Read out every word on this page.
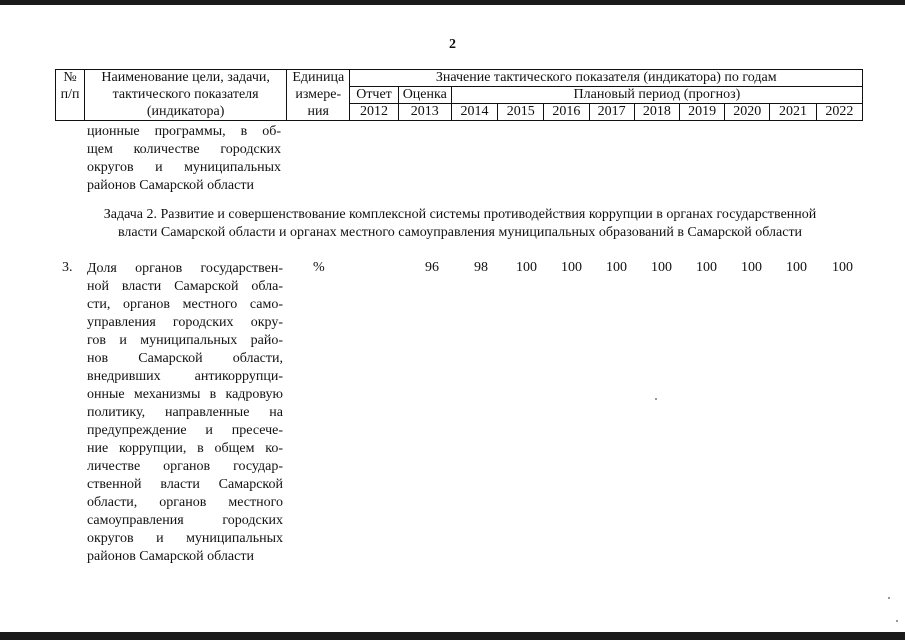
2
№	Наименование цели, задачи,	Единица	Значение тактического показателя (индикатора) по годам										
п/п	тактического показателя	измере-	Отчет	Оценка	Плановый период (прогноз)								
	(индикатора)	ния	2012	2013	2014	2015	2016	2017	2018	2019	2020	2021	2022
ционные программы, в об-
щем количестве городских
округов и муниципальных
районов Самарской области
Задача 2. Развитие и совершенствование комплексной системы противодействия коррупции в органах государственной
власти Самарской области и органах местного самоуправления муниципальных образований в Самарской области
3. Доля органов государствен-
ной власти Самарской обла-
сти, органов местного само-
управления городских окру-
гов и муниципальных райо-
нов Самарской области,
внедривших антикоррупци-
онные механизмы в кадровую
политику, направленные на
предупреждение и пресече-
ние коррупции, в общем ко-
личестве органов государ-
ственной власти Самарской
области, органов местного
самоуправления городских
округов и муниципальных
районов Самарской области
%	96	98	100	100	100	100	100	100	100	100
